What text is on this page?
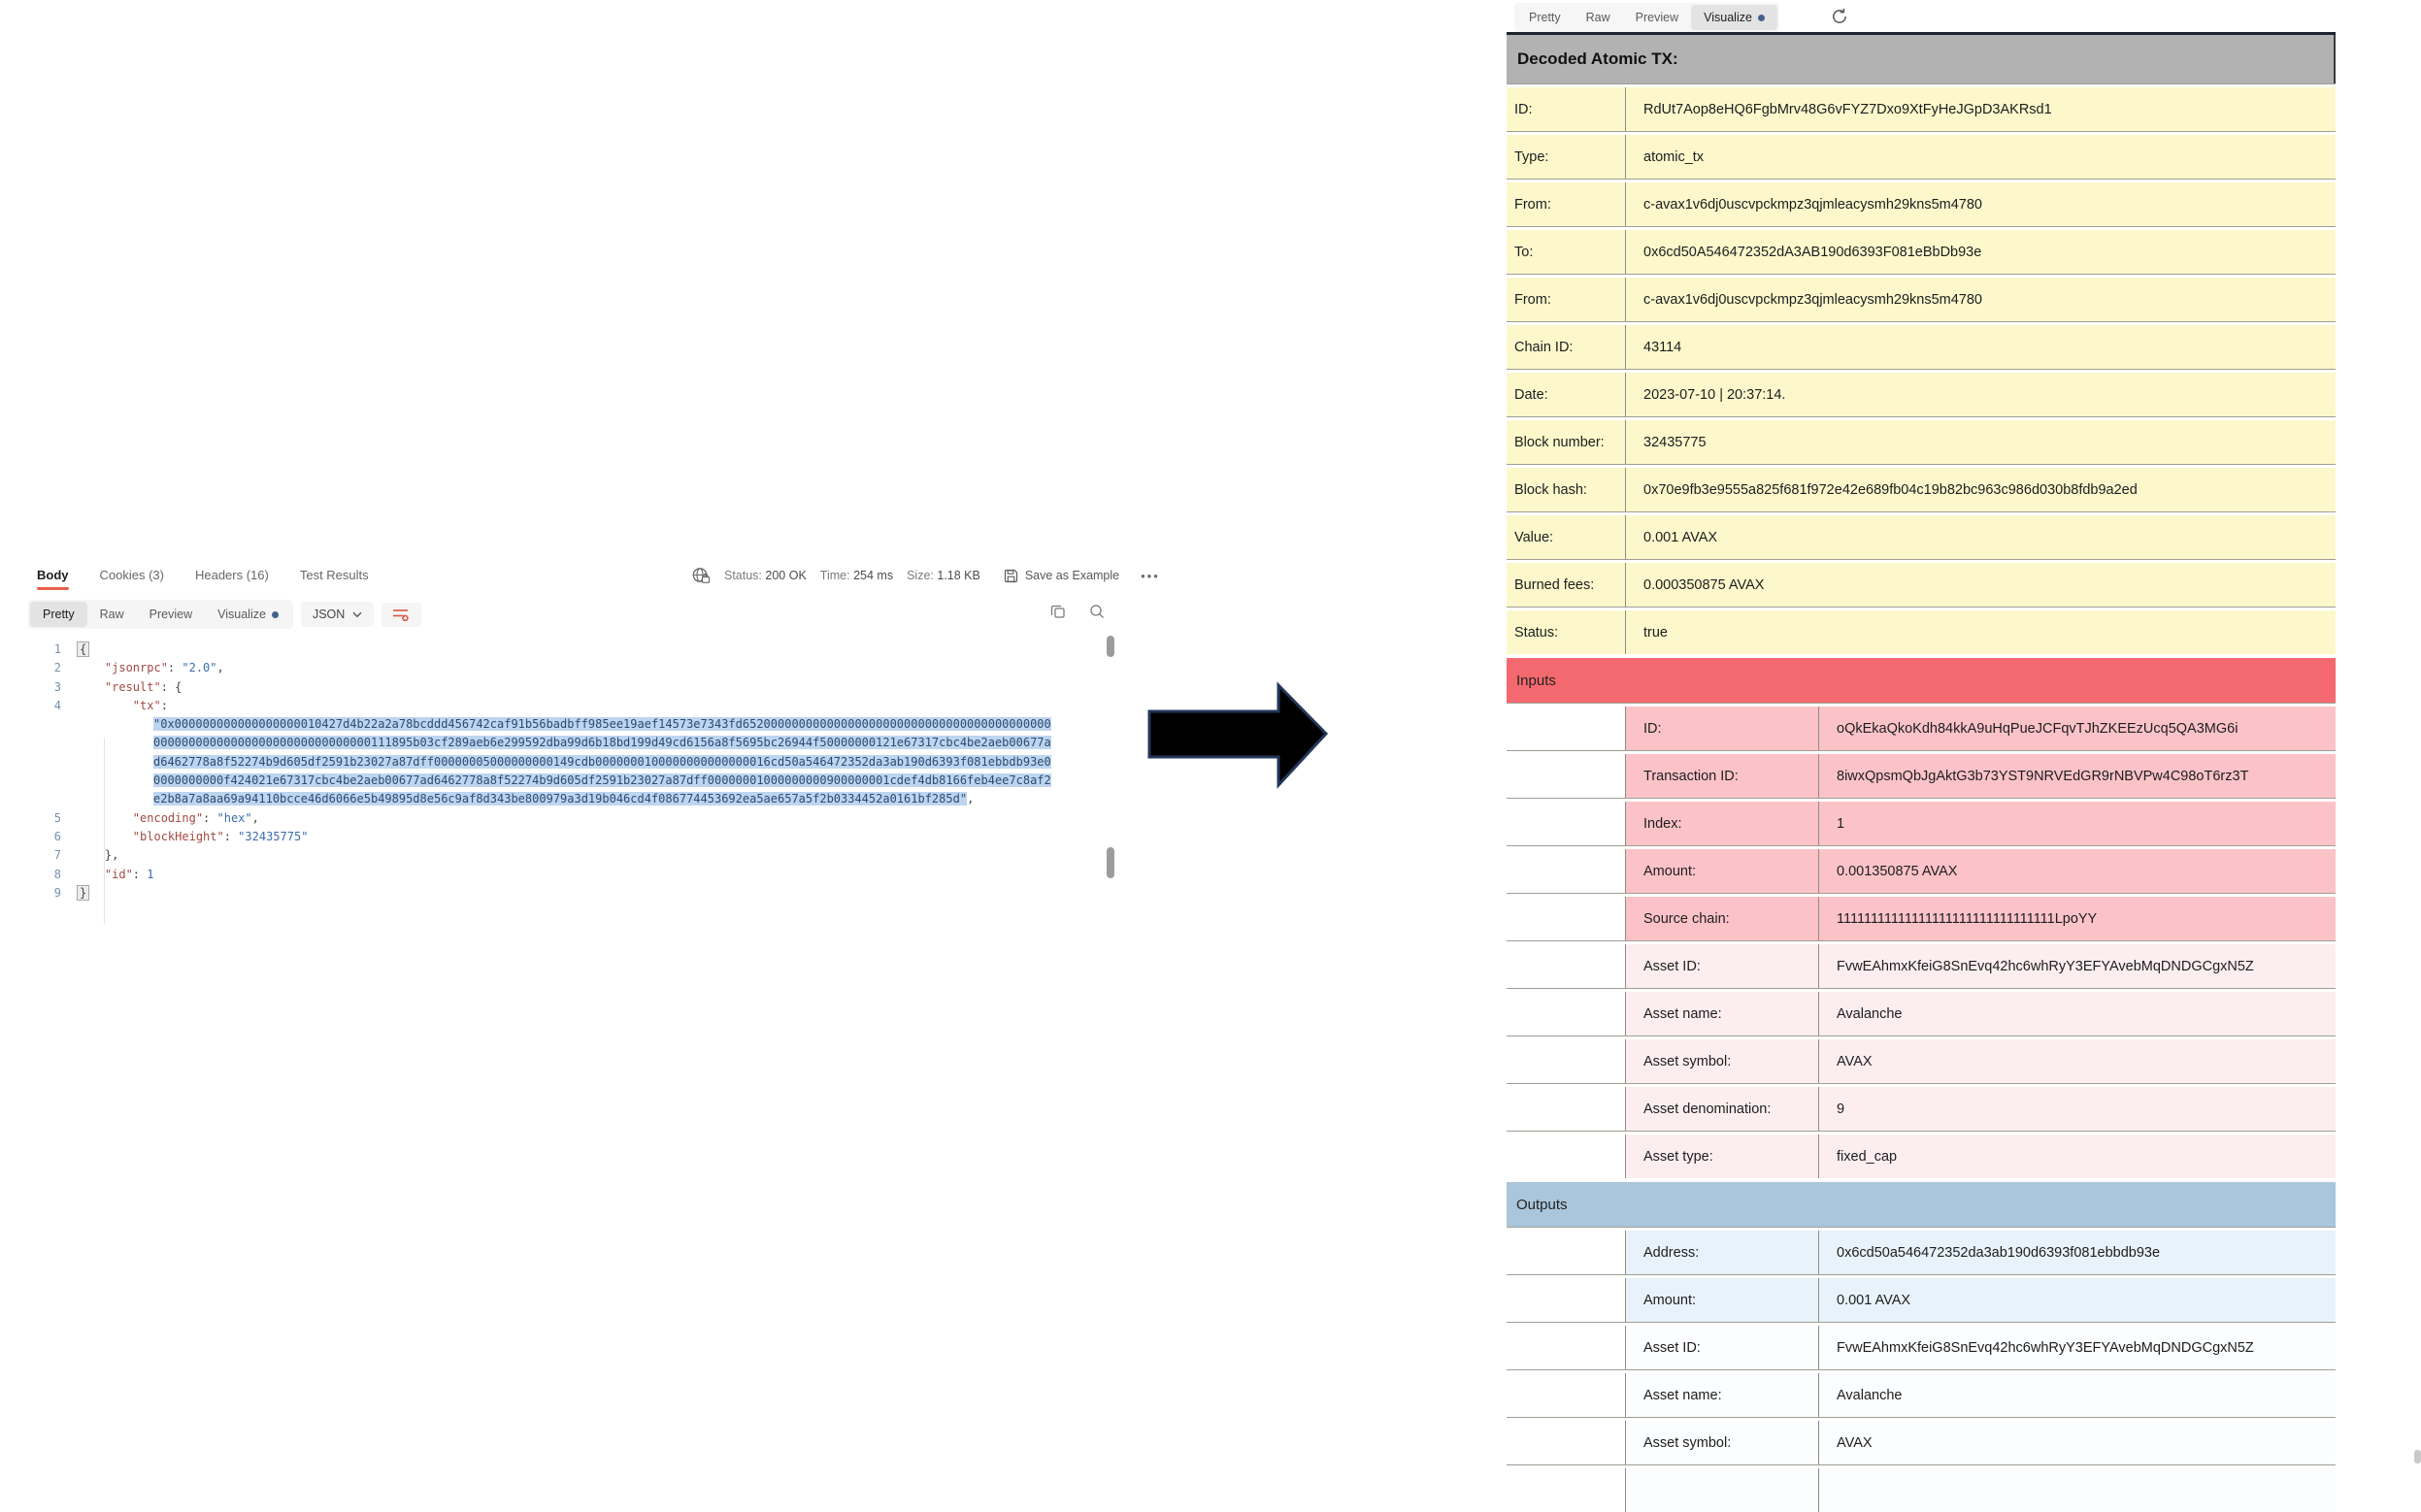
Body Cookies (3) Headers (16) Test Results	Status: 200 OK Time: 254 ms Size: 1.18 KB	Save as Example •••
Pretty Raw Preview Visualize	JSON
1	{
2	"jsonrpc": "2.0",
3	"result": {
4	"tx":
"0x000000000000000000010427d4b22a2a78bcddd456742caf91b56badbff985ee19aef14573e7343fd652000000000000000000000000000000000000000000000000000000000000000000000000111895b03cf289aeb6e299592dba99d6b18bd199d49cd6156a8f5695bc26944f50000000121e67317cbc4be2aeb00677ad6462778a8f52274b9d605df2591b23027a87dff00000005000000000149cdb0000000100000000000000016cd50a546472352da3ab190d6393f081ebbdb93e00000000000f424021e67317cbc4be2aeb00677ad6462778a8f52274b9d605df2591b23027a87dff00000001000000000900000001cdef4db8166feb4ee7c8af2e2b8a7a8aa69a94110bcce46d6066e5b49895d8e56c9af8d343be800979a3d19b046cd4f086774453692ea5ae657a5f2b0334452a0161bf285d",
5	"encoding": "hex",
6	"blockHeight": "32435775"
7	},
8	"id": 1
9	}
Pretty Raw Preview Visualize
Decoded Atomic TX:
ID:	RdUt7Aop8eHQ6FgbMrv48G6vFYZ7Dxo9XtFyHeJGpD3AKRsd1
Type:	atomic_tx
From:	c-avax1v6dj0uscvpckmpz3qjmleacysmh29kns5m4780
To:	0x6cd50A546472352dA3AB190d6393F081eBbDb93e
From:	c-avax1v6dj0uscvpckmpz3qjmleacysmh29kns5m4780
Chain ID:	43114
Date:	2023-07-10 | 20:37:14.
Block number:	32435775
Block hash:	0x70e9fb3e9555a825f681f972e42e689fb04c19b82bc963c986d030b8fdb9a2ed
Value:	0.001 AVAX
Burned fees:	0.000350875 AVAX
Status:	true
Inputs
ID:	oQkEkaQkoKdh84kkA9uHqPueJCFqvTJhZKEEzUcq5QA3MG6i
Transaction ID:	8iwxQpsmQbJgAktG3b73YST9NRVEdGR9rNBVPw4C98oT6rz3T
Index:	1
Amount:	0.001350875 AVAX
Source chain:	11111111111111111111111111111111LpoYY
Asset ID:	FvwEAhmxKfeiG8SnEvq42hc6whRyY3EFYAvebMqDNDGCgxN5Z
Asset name:	Avalanche
Asset symbol:	AVAX
Asset denomination:	9
Asset type:	fixed_cap
Outputs
Address:	0x6cd50a546472352da3ab190d6393f081ebbdb93e
Amount:	0.001 AVAX
Asset ID:	FvwEAhmxKfeiG8SnEvq42hc6whRyY3EFYAvebMqDNDGCgxN5Z
Asset name:	Avalanche
Asset symbol:	AVAX
